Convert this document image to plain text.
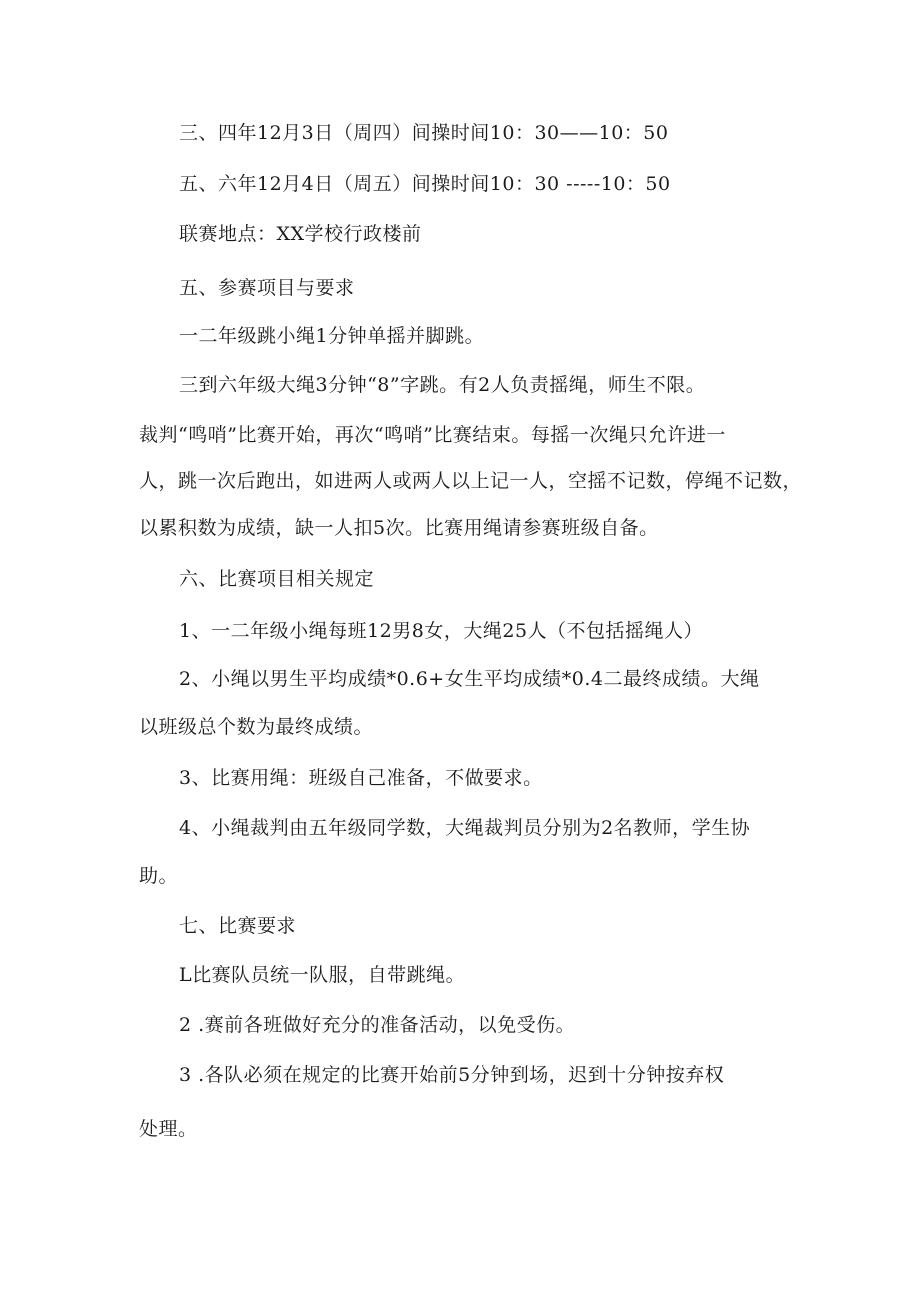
三、四年12月3日（周四）间操时间10：30——10：50
五、六年12月4日（周五）间操时间10：30 -----10：50
联赛地点：XX学校行政楼前
五、参赛项目与要求
一二年级跳小绳1分钟单摇并脚跳。
三到六年级大绳3分钟“8”字跳。有2人负责摇绳，师生不限。
裁判“鸣哨”比赛开始，再次“鸣哨”比赛结束。每摇一次绳只允许进一
人，跳一次后跑出，如进两人或两人以上记一人，空摇不记数，停绳不记数，
以累积数为成绩，缺一人扣5次。比赛用绳请参赛班级自备。
六、比赛项目相关规定
1、一二年级小绳每班12男8女，大绳25人（不包括摇绳人）
2、小绳以男生平均成绩*0.6+女生平均成绩*0.4二最终成绩。大绳
以班级总个数为最终成绩。
3、比赛用绳：班级自己准备，不做要求。
4、小绳裁判由五年级同学数，大绳裁判员分别为2名教师，学生协
助。
七、比赛要求
L比赛队员统一队服，自带跳绳。
2 .赛前各班做好充分的准备活动，以免受伤。
3 .各队必须在规定的比赛开始前5分钟到场，迟到十分钟按弃权
处理。
